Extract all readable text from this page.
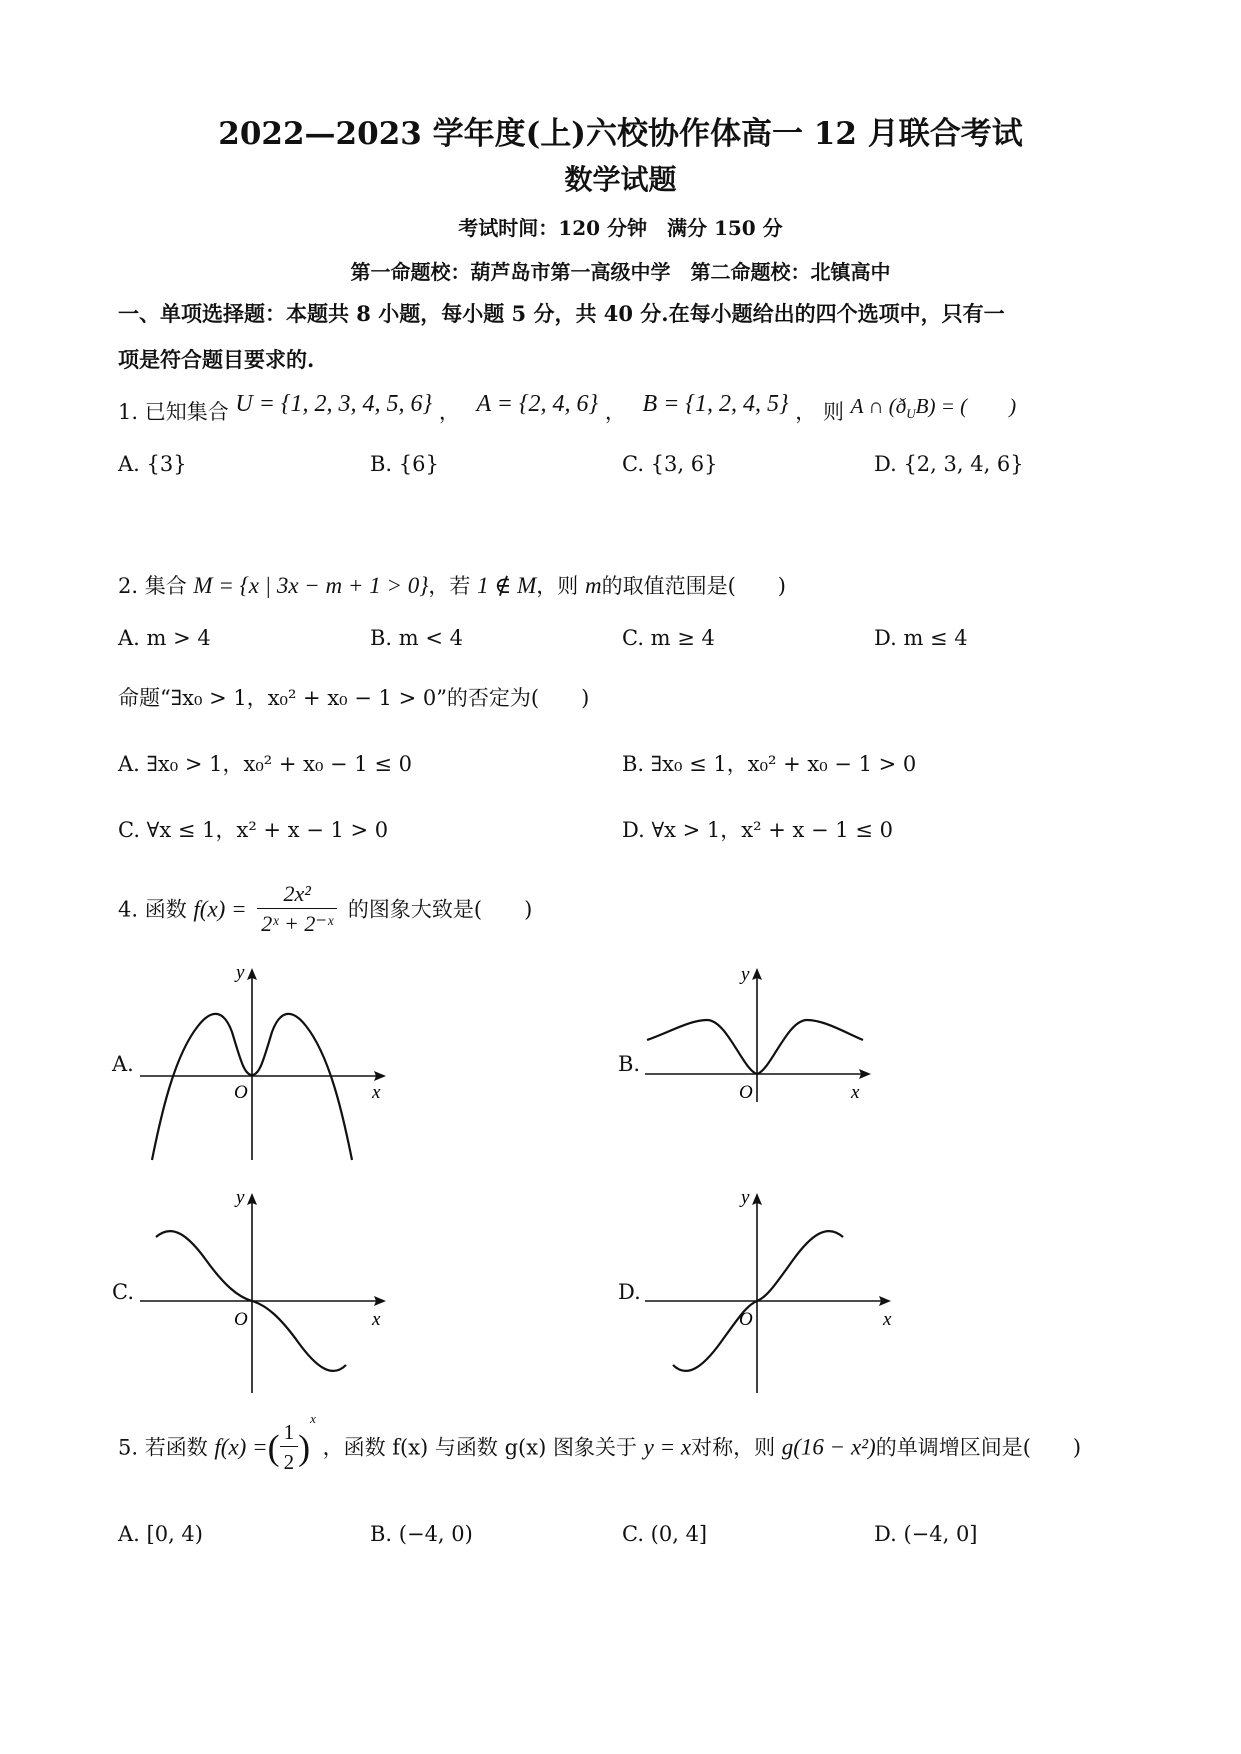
2022—2023 学年度(上)六校协作体高一 12 月联合考试
数学试题
考试时间：120 分钟　满分 150 分
第一命题校：葫芦岛市第一高级中学　第二命题校：北镇高中
一、单项选择题：本题共 8 小题，每小题 5 分，共 40 分.在每小题给出的四个选项中，只有一
项是符合题目要求的.
1. 已知集合 U = {1, 2, 3, 4, 5, 6} ， A = {2, 4, 6} ， B = {1, 2, 4, 5} ， 则 A ∩ $(ð_UB)$ = (　　)
A. {3}	B. {6}	C. {3, 6}	D. {2, 3, 4, 6}
2. 集合 M = {x | 3x − m + 1 > 0}，若 1 ∉ M，则 m的取值范围是(　　)
A. m > 4	B. m < 4	C. m ≥ 4	D. m ≤ 4
命题“∃x₀ > 1，x₀² + x₀ − 1 > 0”的否定为(　　)
A. ∃x₀ > 1，x₀² + x₀ − 1 ≤ 0	B. ∃x₀ ≤ 1，x₀² + x₀ − 1 > 0
C. ∀x ≤ 1，x² + x − 1 > 0	D. ∀x > 1，x² + x − 1 ≤ 0
4. 函数 $f(x) = \frac{\text{2x²}}{\text{2ˣ + 2⁻ˣ}}$ 的图象大致是(　　)
A.	B.
C.	D.
x
y
O	x
y
O
x
y
O	x
y
O
5. 若函数 f(x) =( $\frac{1}{2} )^x$ ，函数 f(x) 与函数 g(x) 图象关于 y = x对称，则 g(16 − x²)的单调增区间是(　　)
A. [0, 4)	B. (−4, 0)	C. (0, 4]	D. (−4, 0]
